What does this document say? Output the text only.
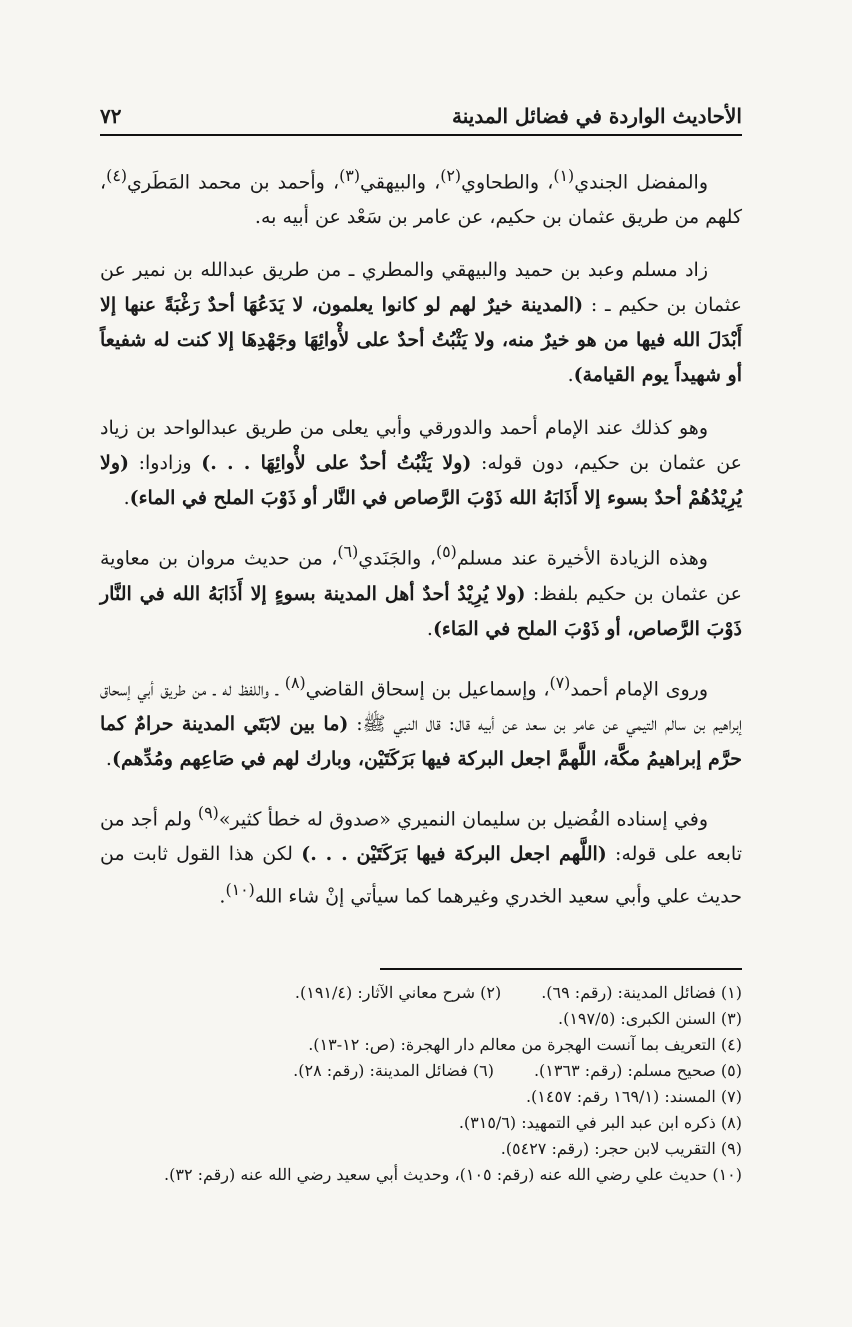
الأحاديث الواردة في فضائل المدينة
٧٢

والمفضل الجندي$^{(١)}$، والطحاوي$^{(٢)}$، والبيهقي$^{(٣)}$، وأحمد بن محمد المَطَري$^{(٤)}$، كلهم من طريق عثمان بن حكيم، عن عامر بن سَعْد عن أبيه به.

زاد مسلم وعبد بن حميد والبيهقي والمطري ـ من طريق عبدالله بن نمير عن عثمان بن حكيم ـ : (المدينة خيرٌ لهم لو كانوا يعلمون، لا يَدَعُهَا أحدٌ رَغْبَةً عنها إلا أَبْدَلَ الله فيها من هو خيرٌ منه، ولا يَثْبُتُ أحدٌ على لأْوائِهَا وجَهْدِهَا إلا كنت له شفيعاً أو شهيداً يوم القيامة).

وهو كذلك عند الإمام أحمد والدورقي وأبي يعلى من طريق عبدالواحد بن زياد عن عثمان بن حكيم، دون قوله: (ولا يَثْبُتُ أحدٌ على لأْوائِهَا . . .) وزادوا: (ولا يُرِيْدُهُمْ أحدٌ بسوء إلا أَذَابَهُ الله ذَوْبَ الرَّصاص في النَّار أو ذَوْبَ الملح في الماء).

وهذه الزيادة الأخيرة عند مسلم$^{(٥)}$، والجَنَدي$^{(٦)}$، من حديث مروان بن معاوية عن عثمان بن حكيم بلفظ: (ولا يُرِيْدُ أحدٌ أهل المدينة بسوءٍ إلا أَذَابَهُ الله في النَّار ذَوْبَ الرَّصاص، أو ذَوْبَ الملح في المَاء).

وروى الإمام أحمد$^{(٧)}$، وإسماعيل بن إسحاق القاضي$^{(٨)}$ ـ واللفظ له ـ من طريق أبي إسحاق إبراهيم بن سالم التيمي عن عامر بن سعد عن أبيه قال: قال النبي ﷺ: (ما بين لابَتَي المدينة حرامٌ كما حرَّم إبراهيمُ مكَّة، اللَّهمَّ اجعل البركة فيها بَرَكَتَيْن، وبارك لهم في صَاعِهم ومُدِّهم).

وفي إسناده الفُضيل بن سليمان النميري «صدوق له خطأ كثير»$^{(٩)}$ ولم أجد من تابعه على قوله: (اللَّهم اجعل البركة فيها بَرَكَتَيْن . . .) لكن هذا القول ثابت من حديث علي وأبي سعيد الخدري وغيرهما كما سيأتي إنْ شاء الله$^{(١٠)}$.

(١) فضائل المدينة: (رقم: ٦٩).
(٢) شرح معاني الآثار: (١٩١/٤).
(٣) السنن الكبرى: (١٩٧/٥).
(٤) التعريف بما آنست الهجرة من معالم دار الهجرة: (ص: ١٢-١٣).
(٥) صحيح مسلم: (رقم: ١٣٦٣).
(٦) فضائل المدينة: (رقم: ٢٨).
(٧) المسند: (١٦٩/١ رقم: ١٤٥٧).
(٨) ذكره ابن عبد البر في التمهيد: (٣١٥/٦).
(٩) التقريب لابن حجر: (رقم: ٥٤٢٧).
(١٠) حديث علي رضي الله عنه (رقم: ١٠٥)، وحديث أبي سعيد رضي الله عنه (رقم: ٣٢).
